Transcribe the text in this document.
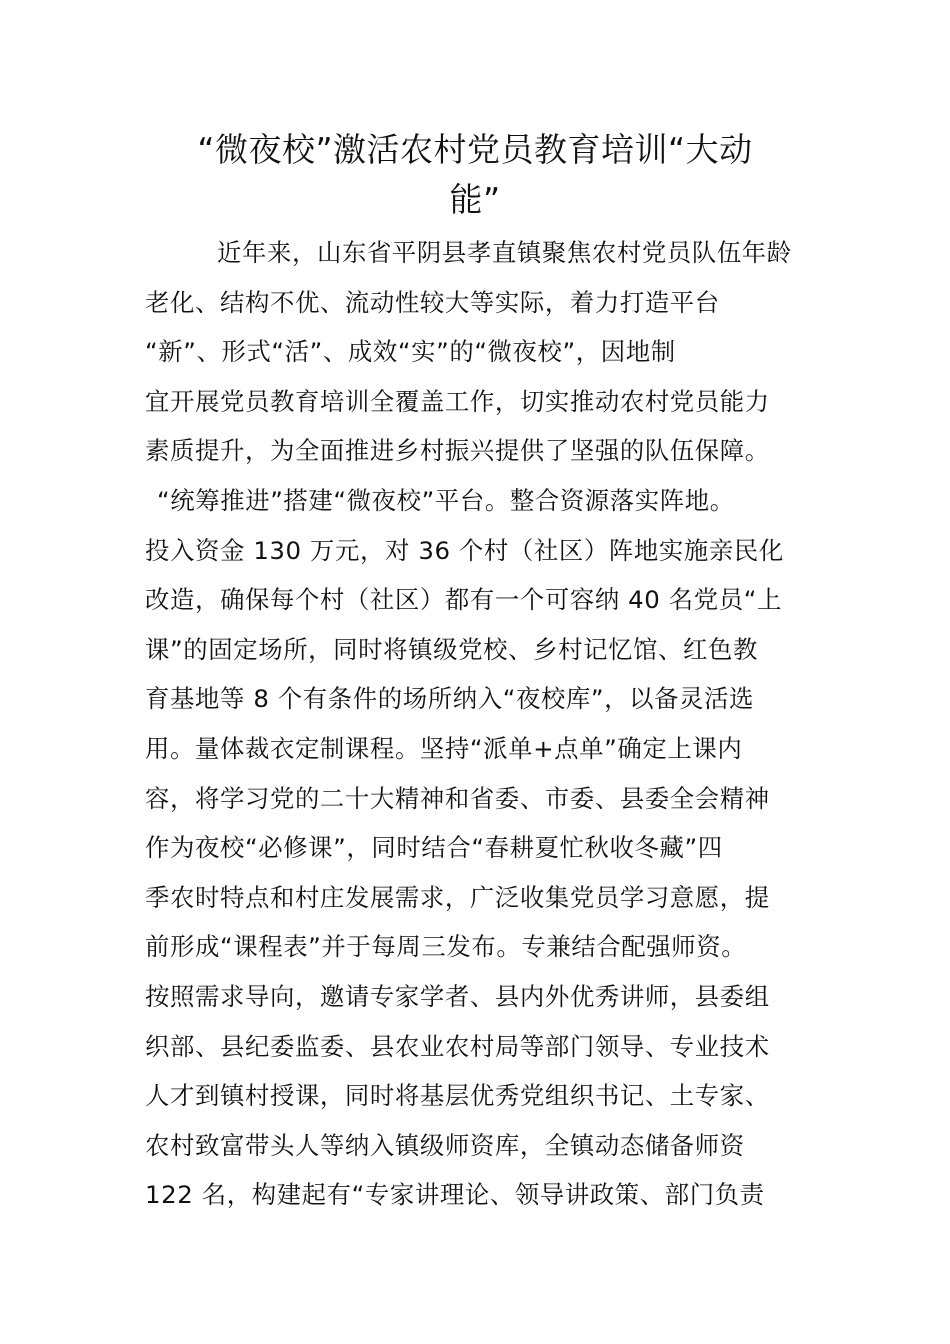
“微夜校”激活农村党员教育培训“大动
能”
近年来，山东省平阴县孝直镇聚焦农村党员队伍年龄
老化、结构不优、流动性较大等实际，着力打造平台
“新”、形式“活”、成效“实”的“微夜校”，因地制
宜开展党员教育培训全覆盖工作，切实推动农村党员能力
素质提升，为全面推进乡村振兴提供了坚强的队伍保障。
“统筹推进”搭建“微夜校”平台。整合资源落实阵地。
投入资金 130 万元，对 36 个村（社区）阵地实施亲民化
改造，确保每个村（社区）都有一个可容纳 40 名党员“上
课”的固定场所，同时将镇级党校、乡村记忆馆、红色教
育基地等 8 个有条件的场所纳入“夜校库”，以备灵活选
用。量体裁衣定制课程。坚持“派单+点单”确定上课内
容，将学习党的二十大精神和省委、市委、县委全会精神
作为夜校“必修课”，同时结合“春耕夏忙秋收冬藏”四
季农时特点和村庄发展需求，广泛收集党员学习意愿，提
前形成“课程表”并于每周三发布。专兼结合配强师资。
按照需求导向，邀请专家学者、县内外优秀讲师，县委组
织部、县纪委监委、县农业农村局等部门领导、专业技术
人才到镇村授课，同时将基层优秀党组织书记、土专家、
农村致富带头人等纳入镇级师资库，全镇动态储备师资
122 名，构建起有“专家讲理论、领导讲政策、部门负责
